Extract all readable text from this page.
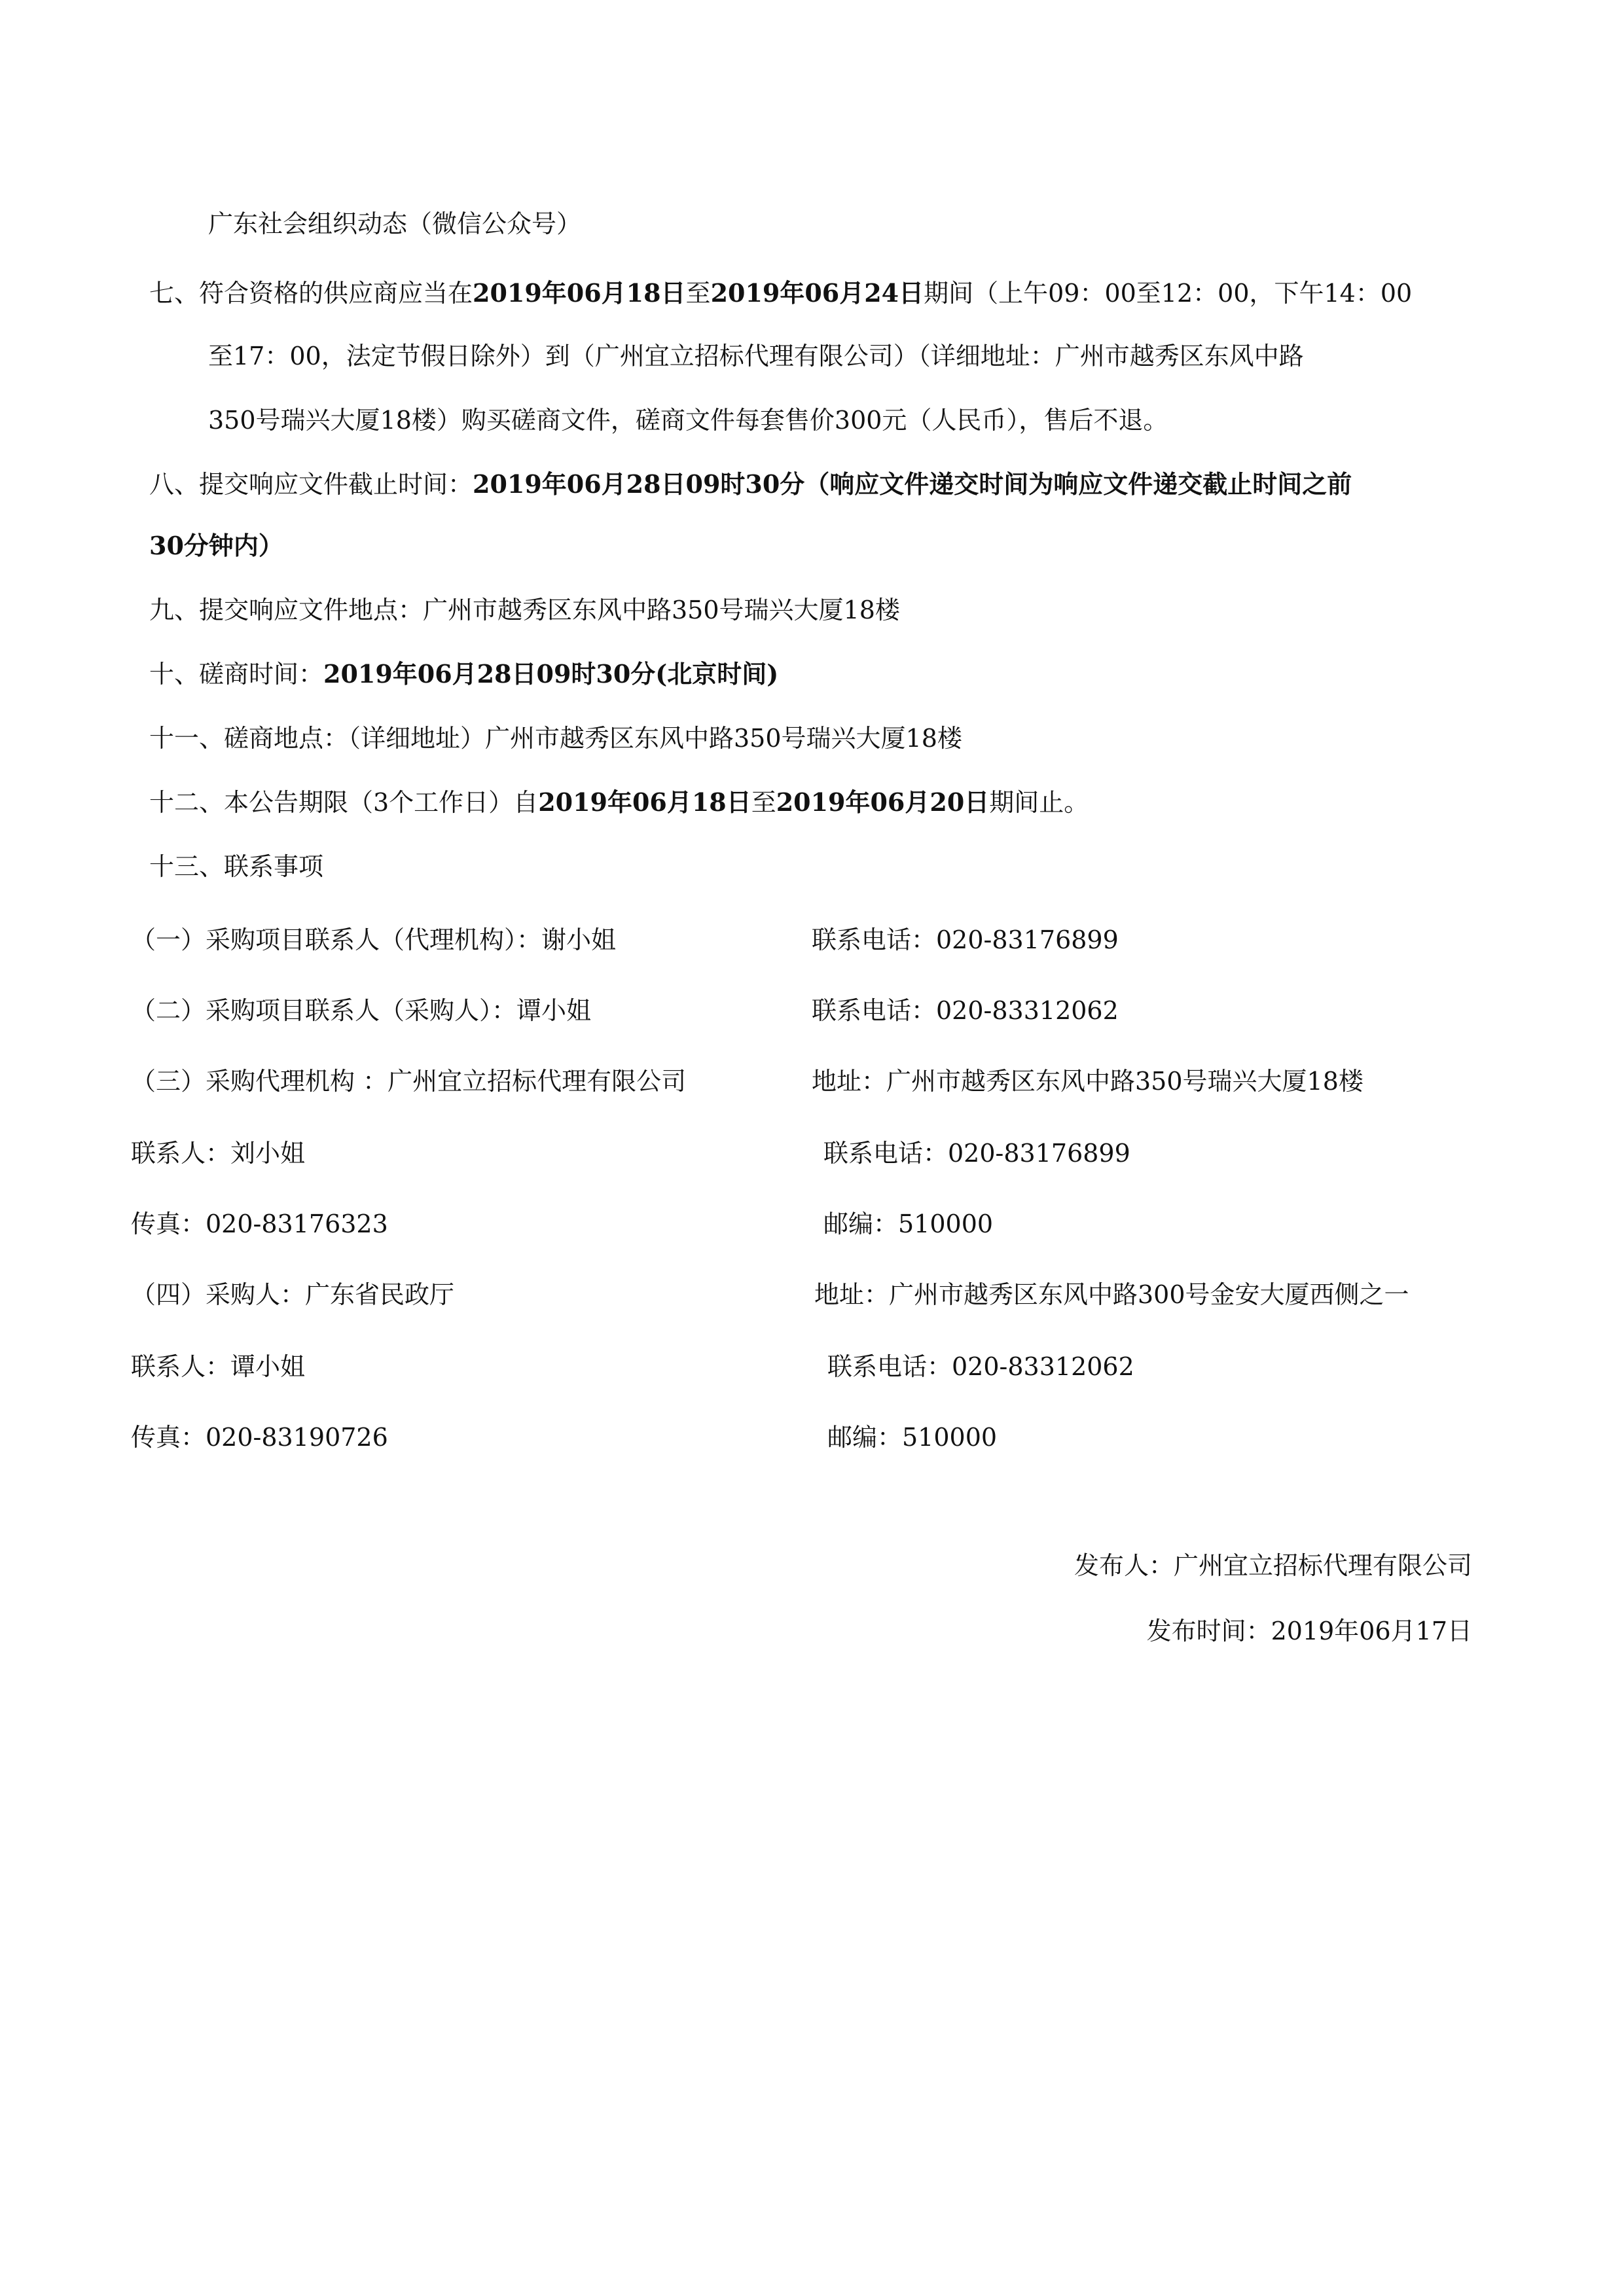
广东社会组织动态（微信公众号）
七、符合资格的供应商应当在2019年06月18日至2019年06月24日期间（上午09：00至12：00，下午14：00
至17：00，法定节假日除外）到（广州宜立招标代理有限公司）（详细地址：广州市越秀区东风中路
350号瑞兴大厦18楼）购买磋商文件，磋商文件每套售价300元（人民币），售后不退。
八、提交响应文件截止时间：2019年06月28日09时30分（响应文件递交时间为响应文件递交截止时间之前
30分钟内）
九、提交响应文件地点：广州市越秀区东风中路350号瑞兴大厦18楼
十、磋商时间：2019年06月28日09时30分(北京时间)
十一、磋商地点：（详细地址）广州市越秀区东风中路350号瑞兴大厦18楼
十二、本公告期限（3个工作日）自2019年06月18日至2019年06月20日期间止。
十三、联系事项
（一）采购项目联系人（代理机构）：谢小姐	联系电话：020-83176899
（二）采购项目联系人（采购人）：谭小姐	联系电话：020-83312062
（三）采购代理机构 ：广州宜立招标代理有限公司	地址：广州市越秀区东风中路350号瑞兴大厦18楼
联系人：刘小姐	联系电话：020-83176899
传真：020-83176323	邮编：510000
（四）采购人：广东省民政厅	地址：广州市越秀区东风中路300号金安大厦西侧之一
联系人：谭小姐	联系电话：020-83312062
传真：020-83190726	邮编：510000
发布人：广州宜立招标代理有限公司
发布时间：2019年06月17日
